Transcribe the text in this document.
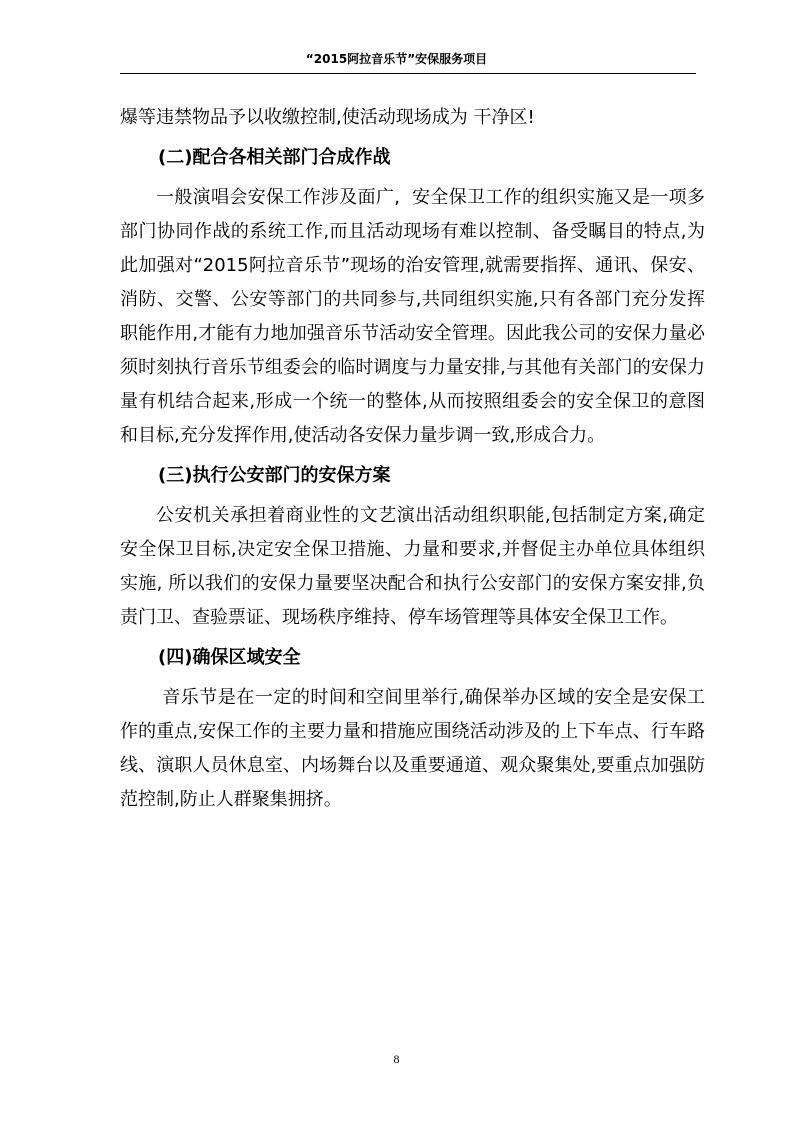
“2015阿拉音乐节”安保服务项目

爆等违禁物品予以收缴控制,使活动现场成为 干净区!

(二)配合各相关部门合成作战

一般演唱会安保工作涉及面广,  安全保卫工作的组织实施又是一项多部门协同作战的系统工作,而且活动现场有难以控制、备受瞩目的特点,为此加强对“2015阿拉音乐节”现场的治安管理,就需要指挥、通讯、保安、消防、交警、公安等部门的共同参与,共同组织实施,只有各部门充分发挥职能作用,才能有力地加强音乐节活动安全管理。因此我公司的安保力量必须时刻执行音乐节组委会的临时调度与力量安排,与其他有关部门的安保力量有机结合起来,形成一个统一的整体,从而按照组委会的安全保卫的意图和目标,充分发挥作用,使活动各安保力量步调一致,形成合力。

(三)执行公安部门的安保方案

公安机关承担着商业性的文艺演出活动组织职能,包括制定方案,确定安全保卫目标,决定安全保卫措施、力量和要求,并督促主办单位具体组织实施, 所以我们的安保力量要坚决配合和执行公安部门的安保方案安排,负责门卫、查验票证、现场秩序维持、停车场管理等具体安全保卫工作。

(四)确保区域安全

音乐节是在一定的时间和空间里举行,确保举办区域的安全是安保工作的重点,安保工作的主要力量和措施应围绕活动涉及的上下车点、行车路线、演职人员休息室、内场舞台以及重要通道、观众聚集处,要重点加强防范控制,防止人群聚集拥挤。

8
